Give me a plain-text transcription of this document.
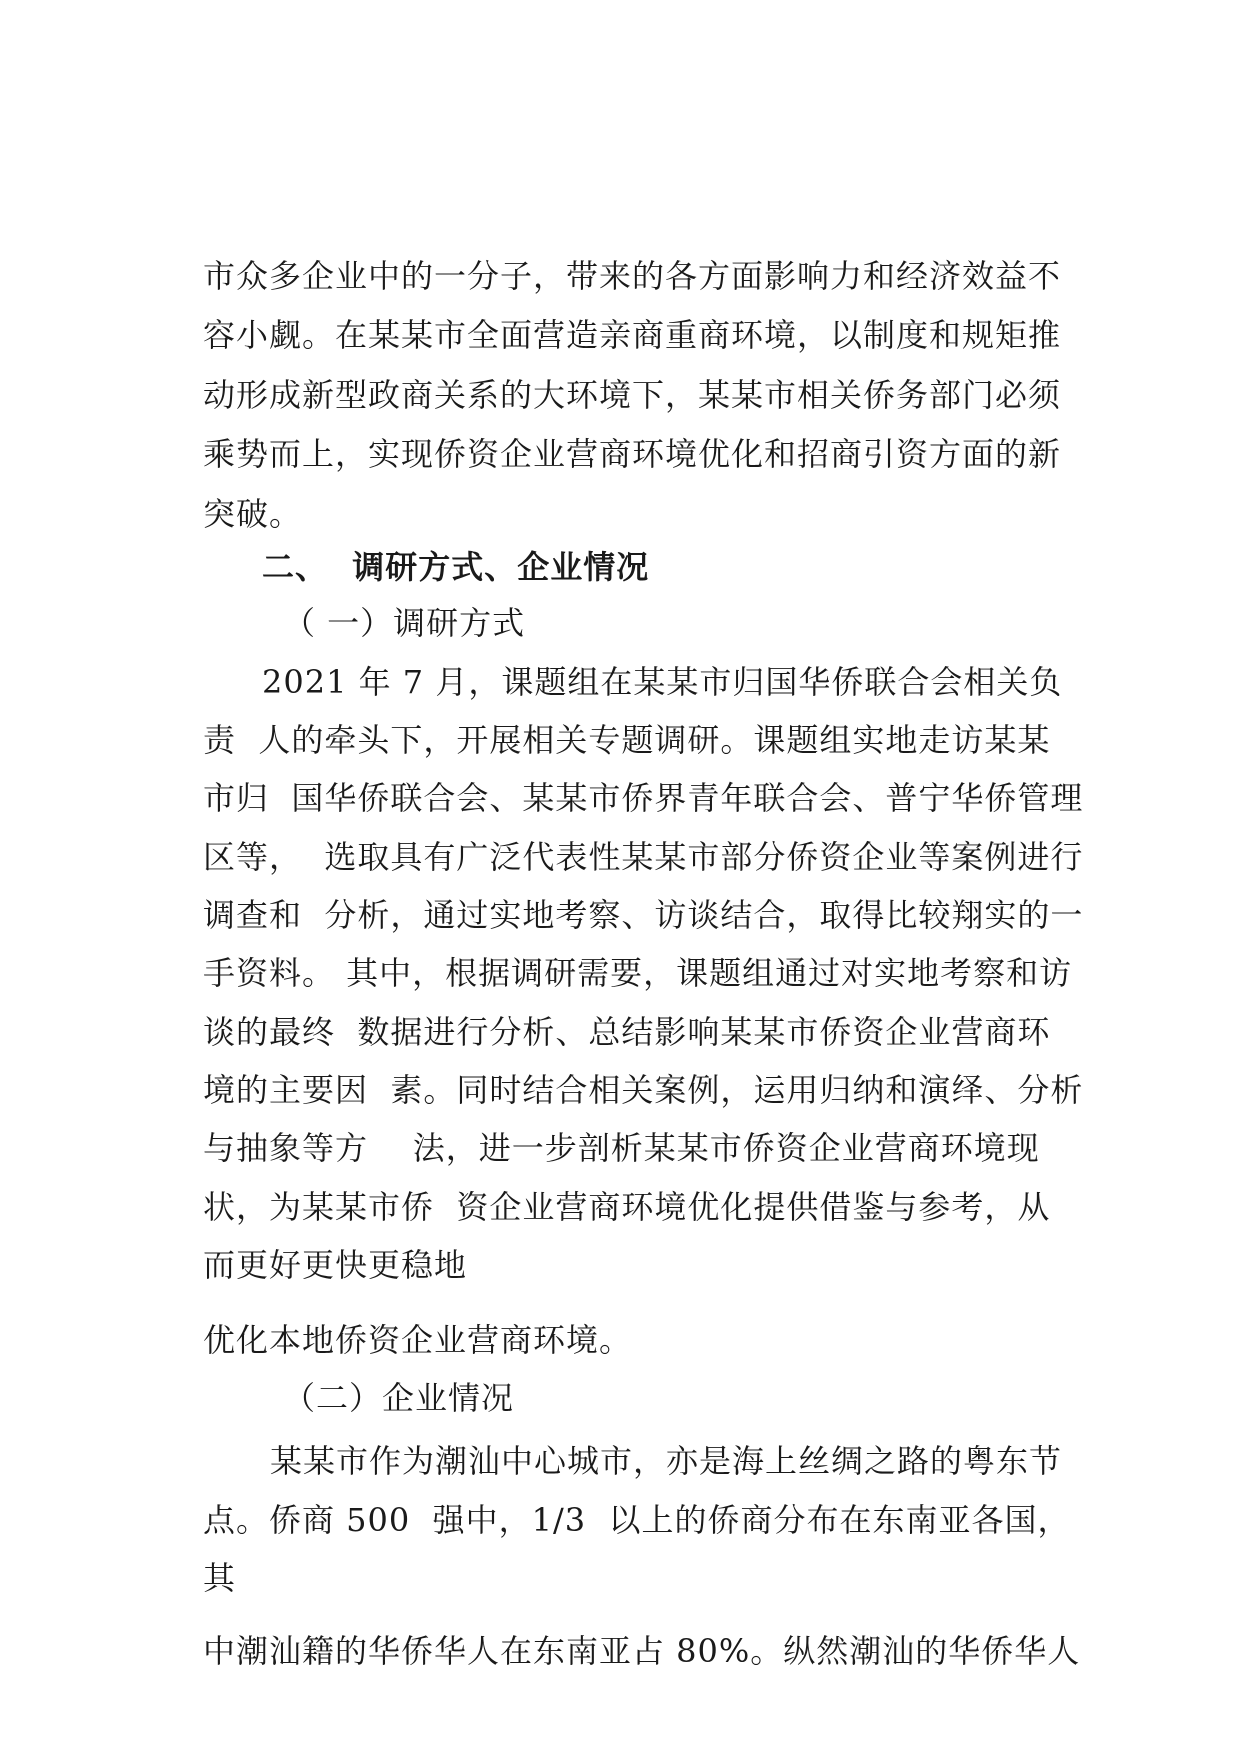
市众多企业中的一分子，带来的各方面影响力和经济效益不
容小觑。在某某市全面营造亲商重商环境，以制度和规矩推
动形成新型政商关系的大环境下，某某市相关侨务部门必须
乘势而上，实现侨资企业营商环境优化和招商引资方面的新
突破。
二、  调研方式、企业情况
（ 一）调研方式
2021 年 7 月，课题组在某某市归国华侨联合会相关负
责  人的牵头下，开展相关专题调研。课题组实地走访某某
市归  国华侨联合会、某某市侨界青年联合会、普宁华侨管理
区等，  选取具有广泛代表性某某市部分侨资企业等案例进行
调查和  分析，通过实地考察、访谈结合，取得比较翔实的一
手资料。 其中，根据调研需要，课题组通过对实地考察和访
谈的最终  数据进行分析、总结影响某某市侨资企业营商环
境的主要因  素。同时结合相关案例，运用归纳和演绎、分析
与抽象等方    法，进一步剖析某某市侨资企业营商环境现
状，为某某市侨  资企业营商环境优化提供借鉴与参考，从
而更好更快更稳地
优化本地侨资企业营商环境。
（二）企业情况
某某市作为潮汕中心城市，亦是海上丝绸之路的粤东节
点。侨商 500  强中，1/3  以上的侨商分布在东南亚各国，
其
中潮汕籍的华侨华人在东南亚占 80%。纵然潮汕的华侨华人
